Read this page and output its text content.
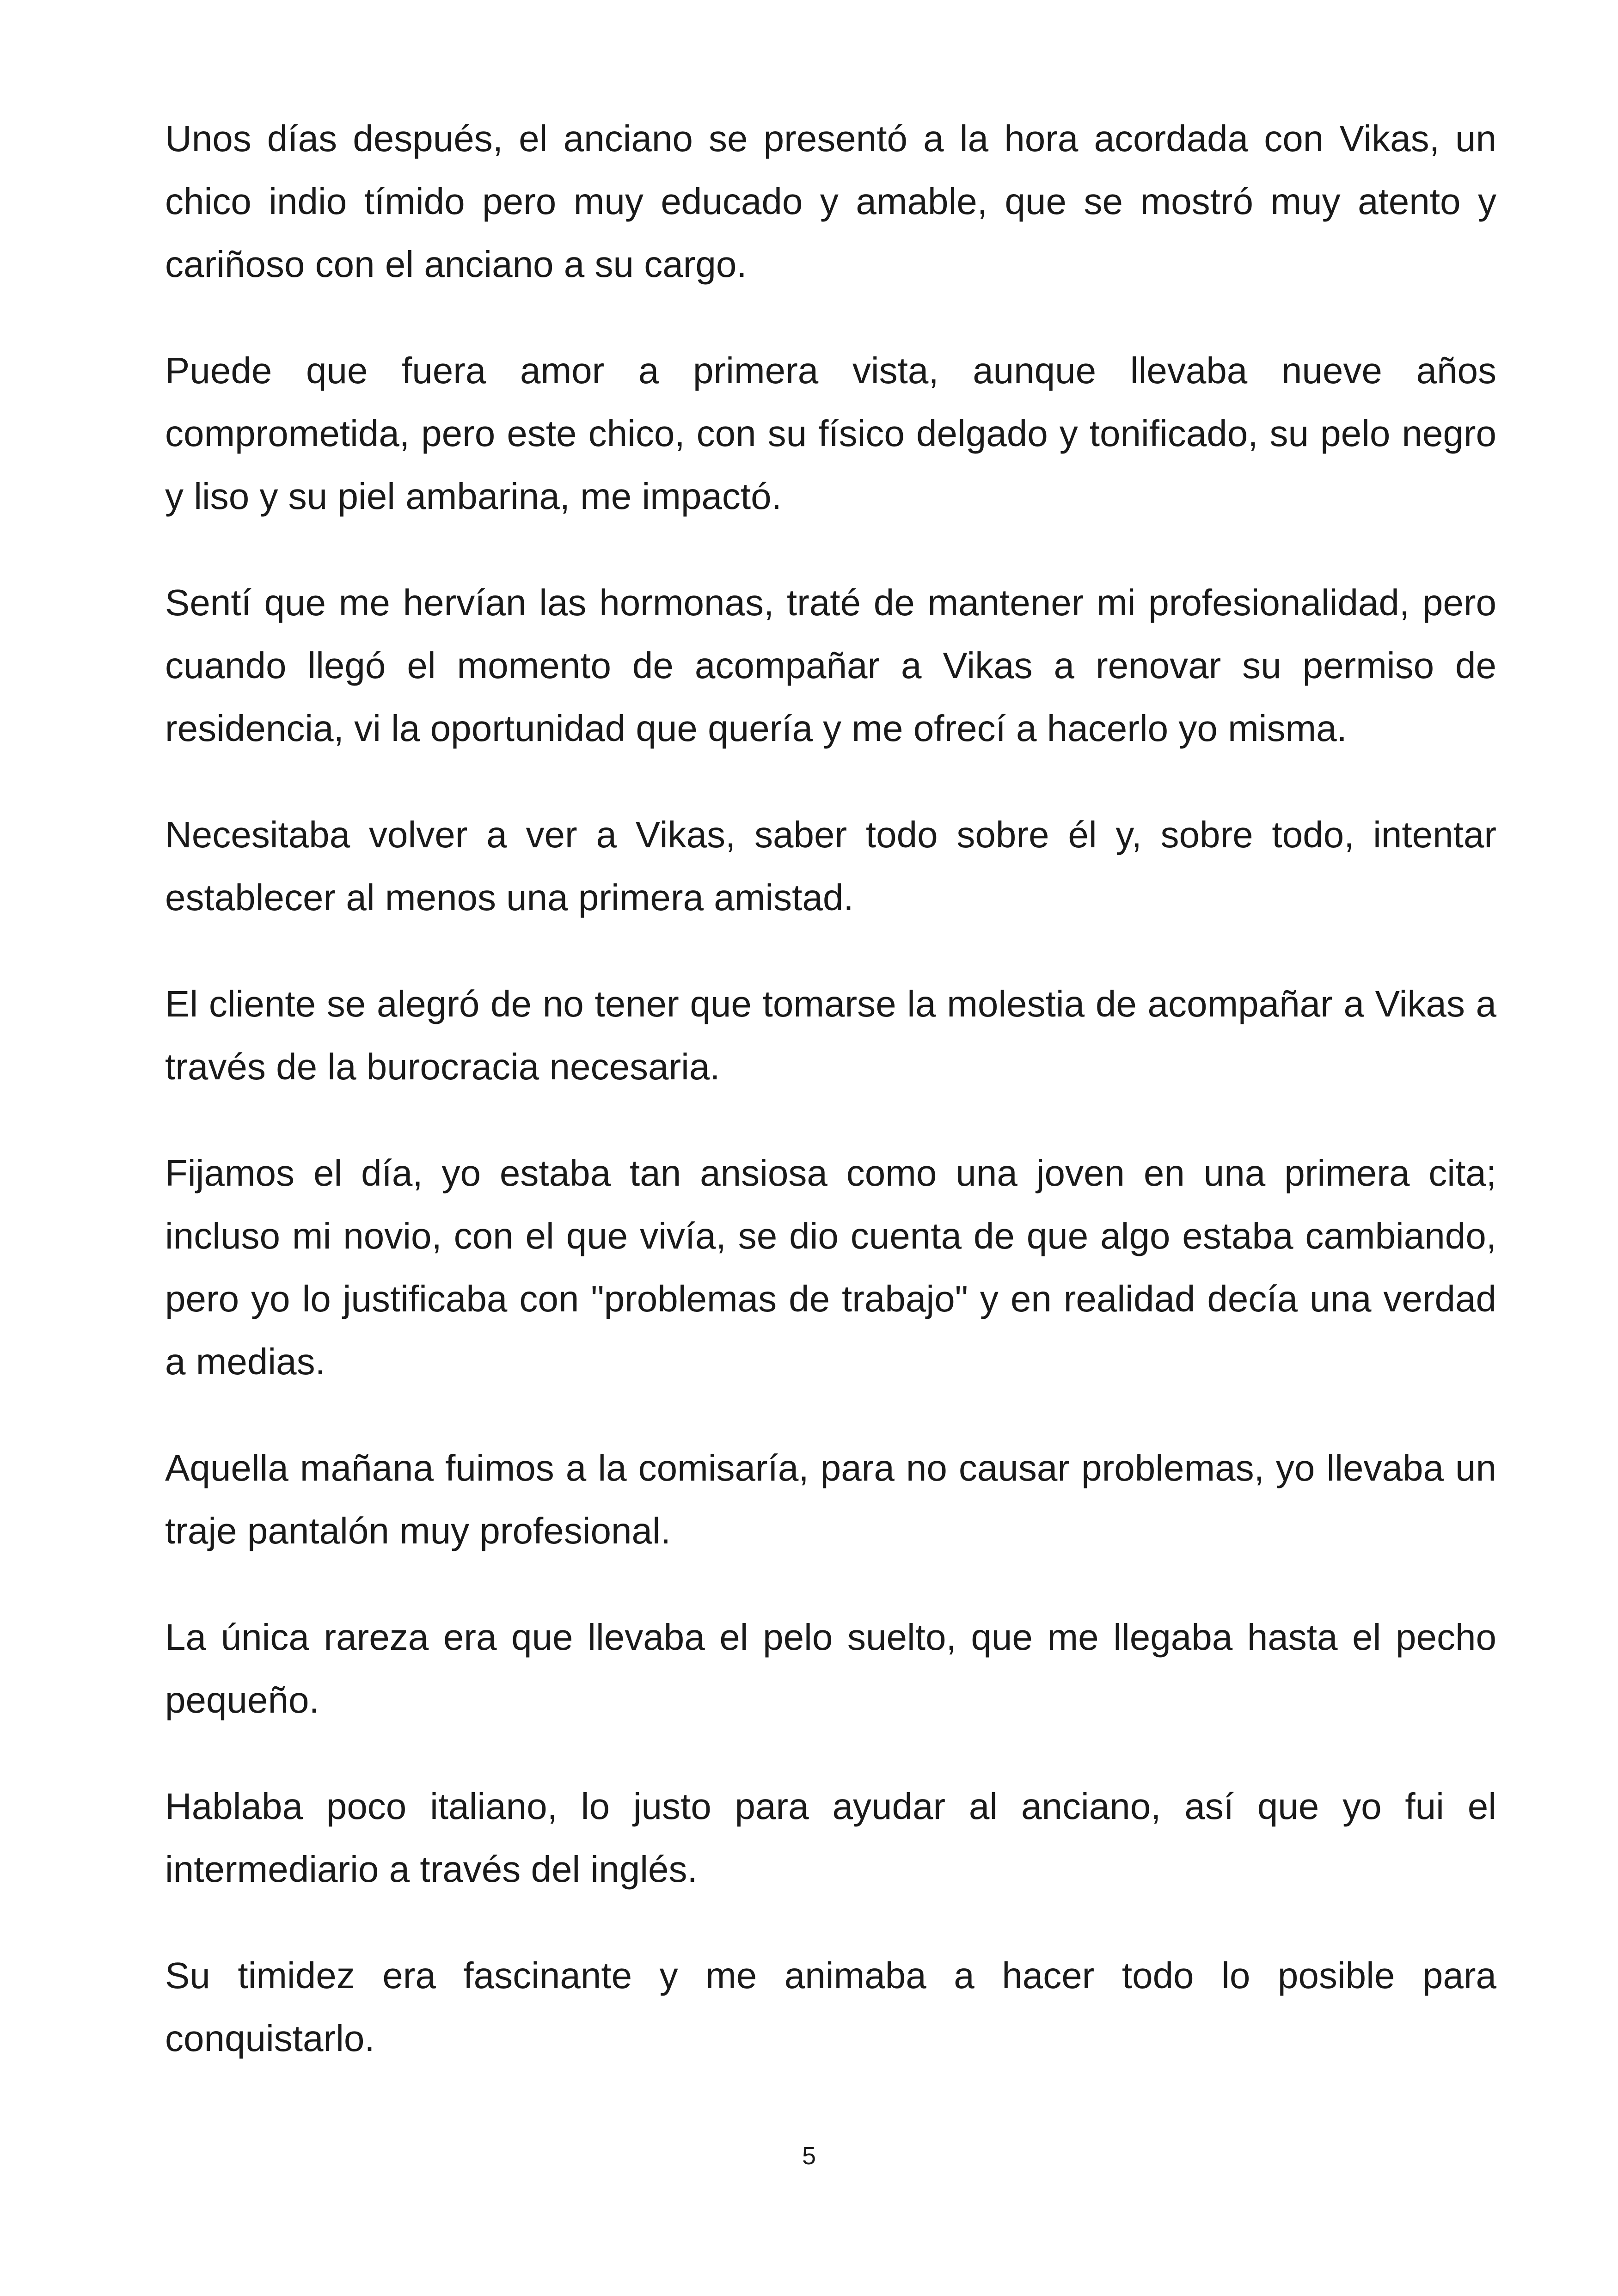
Unos días después, el anciano se presentó a la hora acordada con Vikas, un chico indio tímido pero muy educado y amable, que se mostró muy atento y cariñoso con el anciano a su cargo.

Puede que fuera amor a primera vista, aunque llevaba nueve años comprometida, pero este chico, con su físico delgado y tonificado, su pelo negro y liso y su piel ambarina, me impactó.

Sentí que me hervían las hormonas, traté de mantener mi profesionalidad, pero cuando llegó el momento de acompañar a Vikas a renovar su permiso de residencia, vi la oportunidad que quería y me ofrecí a hacerlo yo misma.

Necesitaba volver a ver a Vikas, saber todo sobre él y, sobre todo, intentar establecer al menos una primera amistad.

El cliente se alegró de no tener que tomarse la molestia de acompañar a Vikas a través de la burocracia necesaria.

Fijamos el día, yo estaba tan ansiosa como una joven en una primera cita; incluso mi novio, con el que vivía, se dio cuenta de que algo estaba cambiando, pero yo lo justificaba con "problemas de trabajo" y en realidad decía una verdad a medias.

Aquella mañana fuimos a la comisaría, para no causar problemas, yo llevaba un traje pantalón muy profesional.

La única rareza era que llevaba el pelo suelto, que me llegaba hasta el pecho pequeño.

Hablaba poco italiano, lo justo para ayudar al anciano, así que yo fui el intermediario a través del inglés.

Su timidez era fascinante y me animaba a hacer todo lo posible para conquistarlo.

5
